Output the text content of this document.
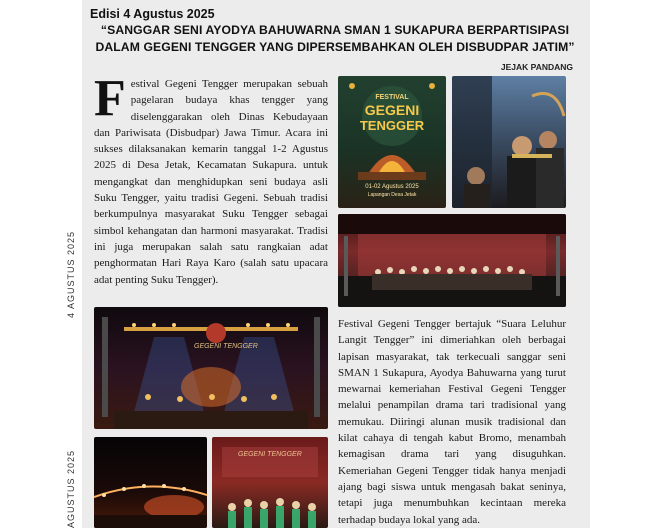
4 AGUSTUS 2025
AGUSTUS 2025
Edisi 4 Agustus 2025
“SANGGAR SENI AYODYA BAHUWARNA SMAN 1 SUKAPURA BERPARTISIPASI DALAM GEGENI TENGGER YANG DIPERSEMBAHKAN OLEH DISBUDPAR JATIM”
JEJAK PANDANG
Festival Gegeni Tengger merupakan sebuah pagelaran budaya khas tengger yang diselenggarakan oleh Dinas Kebudayaan dan Pariwisata (Disbudpar) Jawa Timur. Acara ini sukses dilaksanakan kemarin tanggal 1-2 Agustus 2025 di Desa Jetak, Kecamatan Sukapura. untuk mengangkat dan menghidupkan seni budaya asli Suku Tengger, yaitu tradisi Gegeni. Sebuah tradisi berkumpulnya masyarakat Suku Tengger sebagai simbol kehangatan dan harmoni masyarakat. Tradisi ini juga merupakan salah satu rangkaian adat penghormatan Hari Raya Karo (salah satu upacara adat penting Suku Tengger).
Festival Gegeni Tengger bertajuk “Suara Leluhur Langit Tengger” ini dimeriahkan oleh berbagai lapisan masyarakat, tak terkecuali sanggar seni SMAN 1 Sukapura, Ayodya Bahuwarna yang turut mewarnai kemeriahan Festival Gegeni Tengger melalui penampilan drama tari tradisional yang memukau. Diiringi alunan musik tradisional dan kilat cahaya di tengah kabut Bromo, menambah kemagisan drama tari yang disuguhkan. Kemeriahan Gegeni Tengger tidak hanya menjadi ajang bagi siswa untuk mengasah bakat seninya, tetapi juga menumbuhkan kecintaan mereka terhadap budaya lokal yang ada.
FESTIVAL
GEGENI
TENGGER
01-02 Agustus 2025
Lapangan Desa Jetak
GEGENI TENGGER
GEGENI TENGGER
